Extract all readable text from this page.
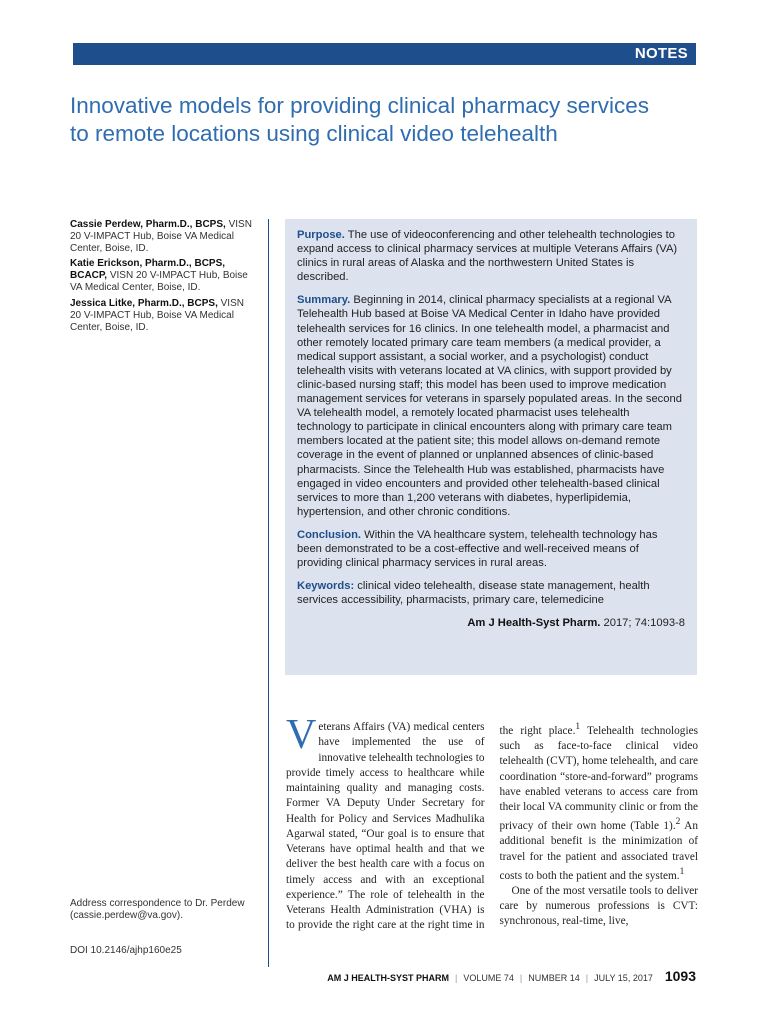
NOTES
Innovative models for providing clinical pharmacy services to remote locations using clinical video telehealth
Cassie Perdew, Pharm.D., BCPS, VISN 20 V-IMPACT Hub, Boise VA Medical Center, Boise, ID.
Katie Erickson, Pharm.D., BCPS, BCACP, VISN 20 V-IMPACT Hub, Boise VA Medical Center, Boise, ID.
Jessica Litke, Pharm.D., BCPS, VISN 20 V-IMPACT Hub, Boise VA Medical Center, Boise, ID.

Purpose. The use of videoconferencing and other telehealth technologies to expand access to clinical pharmacy services at multiple Veterans Affairs (VA) clinics in rural areas of Alaska and the northwestern United States is described.

Summary. Beginning in 2014, clinical pharmacy specialists at a regional VA Telehealth Hub based at Boise VA Medical Center in Idaho have provided telehealth services for 16 clinics. In one telehealth model, a pharmacist and other remotely located primary care team members (a medical provider, a medical support assistant, a social worker, and a psychologist) conduct telehealth visits with veterans located at VA clinics, with support provided by clinic-based nursing staff; this model has been used to improve medication management services for veterans in sparsely populated areas. In the second VA telehealth model, a remotely located pharmacist uses telehealth technology to participate in clinical encounters along with primary care team members located at the patient site; this model allows on-demand remote coverage in the event of planned or unplanned absences of clinic-based pharmacists. Since the Telehealth Hub was established, pharmacists have engaged in video encounters and provided other telehealth-based clinical services to more than 1,200 veterans with diabetes, hyperlipidemia, hypertension, and other chronic conditions.

Conclusion. Within the VA healthcare system, telehealth technology has been demonstrated to be a cost-effective and well-received means of providing clinical pharmacy services in rural areas.

Keywords: clinical video telehealth, disease state management, health services accessibility, pharmacists, primary care, telemedicine

Am J Health-Syst Pharm. 2017; 74:1093-8

Veterans Affairs (VA) medical centers have implemented the use of innovative telehealth technologies to provide timely access to healthcare while maintaining quality and managing costs. Former VA Deputy Under Secretary for Health for Policy and Services Madhulika Agarwal stated, “Our goal is to ensure that Veterans have optimal health and that we deliver the best health care with a focus on timely access and with an exceptional experience.” The role of telehealth in the Veterans Health Administration (VHA) is to provide the right care at the right time in the right place.$^1$ Telehealth technologies such as face-to-face clinical video telehealth (CVT), home telehealth, and care coordination “store-and-forward” programs have enabled veterans to access care from their local VA community clinic or from the privacy of their own home (Table 1).$^2$ An additional benefit is the minimization of travel for the patient and associated travel costs to both the patient and the system.$^1$

One of the most versatile tools to deliver care by numerous professions is CVT: synchronous, real-time, live,

Address correspondence to Dr. Perdew (cassie.perdew@va.gov).
DOI 10.2146/ajhp160e25
AM J HEALTH-SYST PHARM | VOLUME 74 | NUMBER 14 | JULY 15, 2017 1093
